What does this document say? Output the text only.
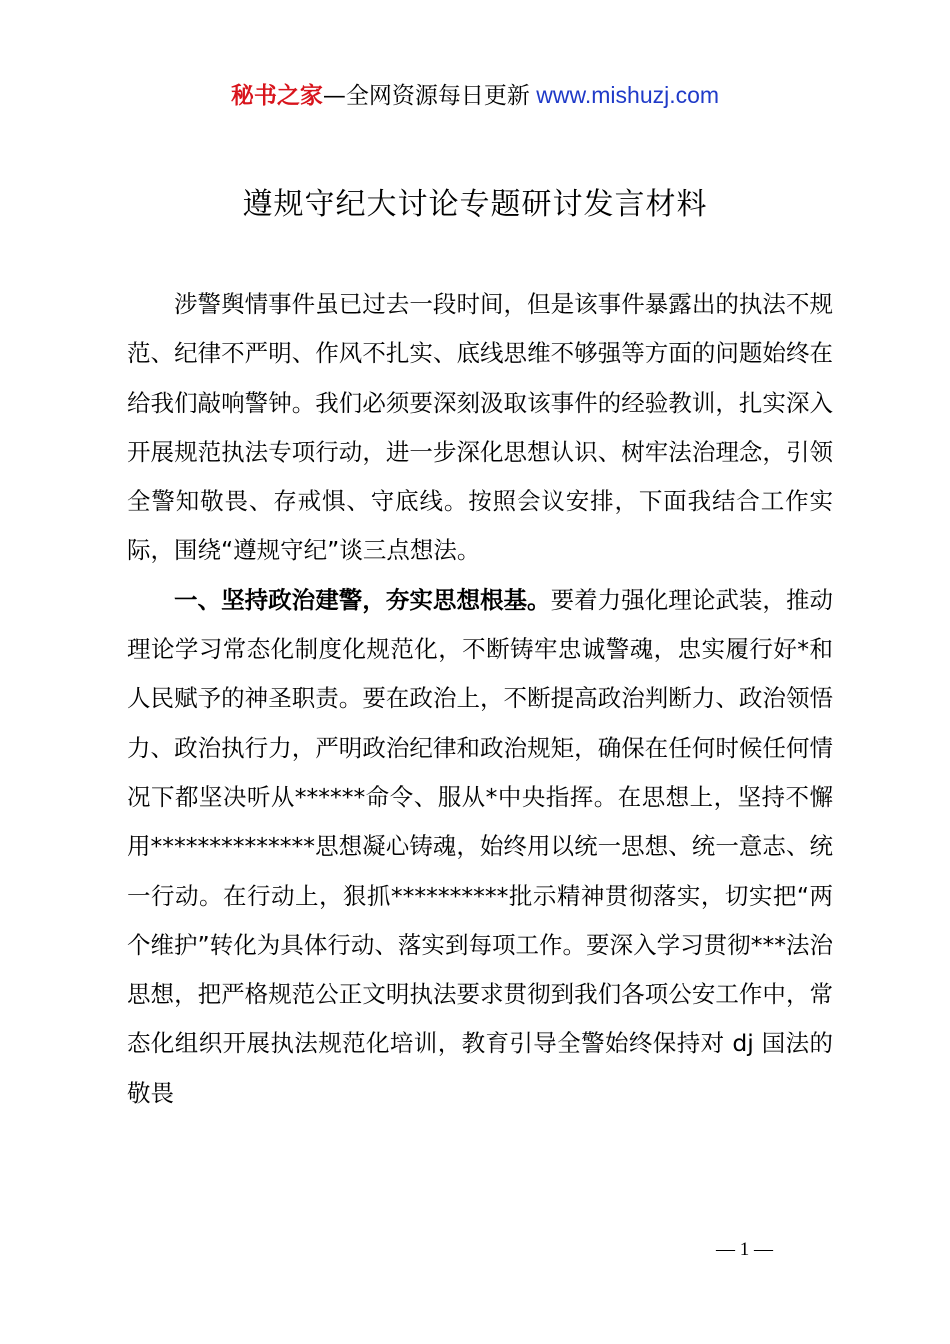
秘书之家—全网资源每日更新 www.mishuzj.com
遵规守纪大讨论专题研讨发言材料

涉警舆情事件虽已过去一段时间，但是该事件暴露出的执法不规范、纪律不严明、作风不扎实、底线思维不够强等方面的问题始终在给我们敲响警钟。我们必须要深刻汲取该事件的经验教训，扎实深入开展规范执法专项行动，进一步深化思想认识、树牢法治理念，引领全警知敬畏、存戒惧、守底线。按照会议安排，下面我结合工作实际，围绕“遵规守纪”谈三点想法。

一、坚持政治建警，夯实思想根基。要着力强化理论武装，推动理论学习常态化制度化规范化，不断铸牢忠诚警魂，忠实履行好*和人民赋予的神圣职责。要在政治上，不断提高政治判断力、政治领悟力、政治执行力，严明政治纪律和政治规矩，确保在任何时候任何情况下都坚决听从******命令、服从*中央指挥。在思想上，坚持不懈用**************思想凝心铸魂，始终用以统一思想、统一意志、统一行动。在行动上，狠抓**********批示精神贯彻落实，切实把“两个维护”转化为具体行动、落实到每项工作。要深入学习贯彻***法治思想，把严格规范公正文明执法要求贯彻到我们各项公安工作中，常态化组织开展执法规范化培训，教育引导全警始终保持对 dj 国法的敬畏

— 1 —
